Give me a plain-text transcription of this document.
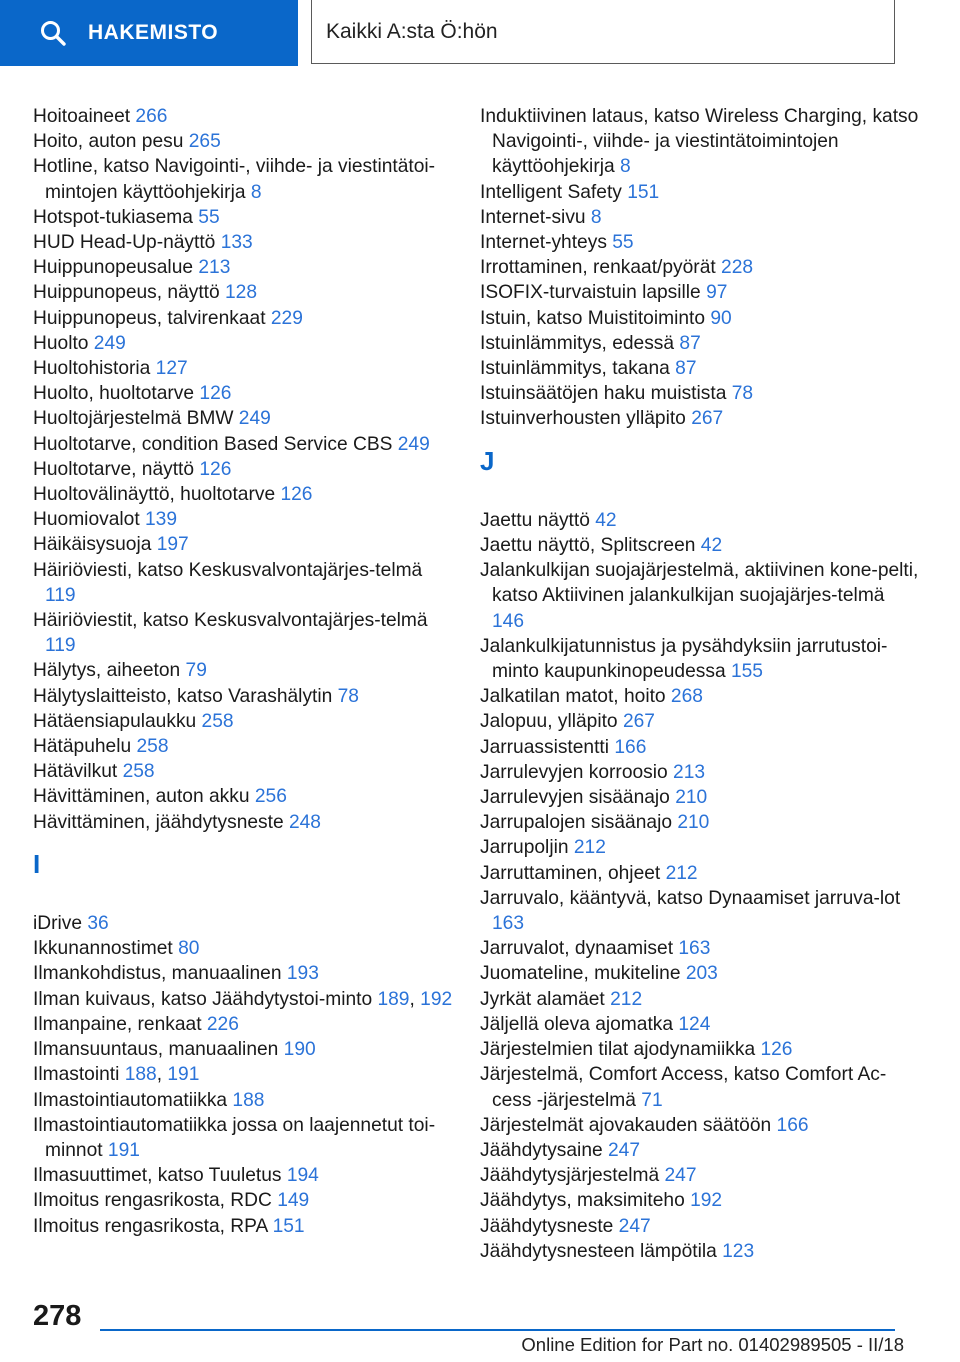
HAKEMISTO	Kaikki A:sta Ö:hön
Hoitoaineet 266
Hoito, auton pesu 265
Hotline, katso Navigointi-, viihde- ja viestintätoi-mintojen käyttöohjekirja 8
Hotspot-tukiasema 55
HUD Head-Up-näyttö 133
Huippunopeusalue 213
Huippunopeus, näyttö 128
Huippunopeus, talvirenkaat 229
Huolto 249
Huoltohistoria 127
Huolto, huoltotarve 126
Huoltojärjestelmä BMW 249
Huoltotarve, condition Based Service CBS 249
Huoltotarve, näyttö 126
Huoltovälinäyttö, huoltotarve 126
Huomiovalot 139
Häikäisysuoja 197
Häiriöviesti, katso Keskusvalvontajärjes-telmä 119
Häiriöviestit, katso Keskusvalvontajärjes-telmä 119
Hälytys, aiheeton 79
Hälytyslaitteisto, katso Varashälytin 78
Hätäensiapulaukku 258
Hätäpuhelu 258
Hätävilkut 258
Hävittäminen, auton akku 256
Hävittäminen, jäähdytysneste 248
I
iDrive 36
Ikkunannostimet 80
Ilmankohdistus, manuaalinen 193
Ilman kuivaus, katso Jäähdytystoi-minto 189, 192
Ilmanpaine, renkaat 226
Ilmansuuntaus, manuaalinen 190
Ilmastointi 188, 191
Ilmastointiautomatiikka 188
Ilmastointiautomatiikka jossa on laajennetut toi-minnot 191
Ilmasuuttimet, katso Tuuletus 194
Ilmoitus rengasrikosta, RDC 149
Ilmoitus rengasrikosta, RPA 151
Induktiivinen lataus, katso Wireless Charging, katso Navigointi-, viihde- ja viestintätoimintojen käyttöohjekirja 8
Intelligent Safety 151
Internet-sivu 8
Internet-yhteys 55
Irrottaminen, renkaat/pyörät 228
ISOFIX-turvaistuin lapsille 97
Istuin, katso Muistitoiminto 90
Istuinlämmitys, edessä 87
Istuinlämmitys, takana 87
Istuinsäätöjen haku muistista 78
Istuinverhousten ylläpito 267
J
Jaettu näyttö 42
Jaettu näyttö, Splitscreen 42
Jalankulkijan suojajärjestelmä, aktiivinen kone-pelti, katso Aktiivinen jalankulkijan suojajärjes-telmä 146
Jalankulkijatunnistus ja pysähdyksiin jarrutustoi-minto kaupunkinopeudessa 155
Jalkatilan matot, hoito 268
Jalopuu, ylläpito 267
Jarruassistentti 166
Jarrulevyjen korroosio 213
Jarrulevyjen sisäänajo 210
Jarrupalojen sisäänajo 210
Jarrupoljin 212
Jarruttaminen, ohjeet 212
Jarruvalo, kääntyvä, katso Dynaamiset jarruva-lot 163
Jarruvalot, dynaamiset 163
Juomateline, mukiteline 203
Jyrkät alamäet 212
Jäljellä oleva ajomatka 124
Järjestelmien tilat ajodynamiikka 126
Järjestelmä, Comfort Access, katso Comfort Ac-cess -järjestelmä 71
Järjestelmät ajovakauden säätöön 166
Jäähdytysaine 247
Jäähdytysjärjestelmä 247
Jäähdytys, maksimiteho 192
Jäähdytysneste 247
Jäähdytysnesteen lämpötila 123
278
Online Edition for Part no. 01402989505 - II/18
